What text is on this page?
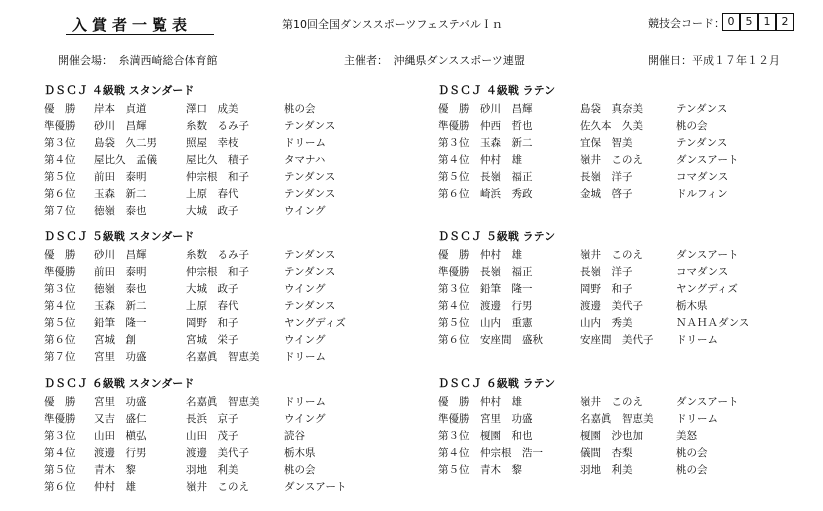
入賞者一覧表	第10回全国ダンススポーツフェステバルＩｎ	競技会コード： 0	5	1	2
開催会場：　糸満西崎総合体育館	主催者：　沖縄県ダンススポーツ連盟	開催日：平成１７年１２月
ＤＳＣＪ ４級戦 スタンダード
優　勝 岸本　貞道	澤口　成美	桃の会
準優勝 砂川　昌輝	糸数　るみ子	テンダンス
第３位 島袋　久二男	照屋　幸枝	ドリーム
第４位 屋比久　孟儀	屋比久　積子	タマナハ
第５位 前田　泰明	仲宗根　和子	テンダンス
第６位 玉森　新二	上原　春代	テンダンス
第７位 徳嶺　泰也	大城　政子	ウイング
ＤＳＣＪ ４級戦 ラテン
優　勝 砂川　昌輝	島袋　真奈美	テンダンス
準優勝 仲西　哲也	佐久本　久美	桃の会
第３位 玉森　新二	宜保　智美	テンダンス
第４位 仲村　雄	嶺井　このえ	ダンスアート
第５位 長嶺　福正	長嶺　洋子	コマダンス
第６位 崎浜　秀政	金城　啓子	ドルフィン
ＤＳＣＪ ５級戦 スタンダード
優　勝 砂川　昌輝	糸数　るみ子	テンダンス
準優勝 前田　泰明	仲宗根　和子	テンダンス
第３位 徳嶺　泰也	大城　政子	ウイング
第４位 玉森　新二	上原　春代	テンダンス
第５位 鉛筆　隆一	岡野　和子	ヤングディズ
第６位 宮城　創	宮城　栄子	ウイング
第７位 宮里　功盛	名嘉眞　智恵美 ドリーム
ＤＳＣＪ ５級戦 ラテン
優　勝 仲村　雄	嶺井　このえ	ダンスアート
準優勝 長嶺　福正	長嶺　洋子	コマダンス
第３位 鉛筆　隆一	岡野　和子	ヤングディズ
第４位 渡邊　行男	渡邊　美代子	栃木県
第５位 山内　重憲	山内　秀美	ＮＡＨＡダンス
第６位 安座間　盛秋	安座間　美代子 ドリーム
ＤＳＣＪ ６級戦 スタンダード
優　勝 宮里　功盛	名嘉眞　智恵美 ドリーム
準優勝 又吉　盛仁	長浜　京子	ウイング
第３位 山田　槇弘	山田　茂子	読谷
第４位 渡邊　行男	渡邊　美代子	栃木県
第５位 青木　黎	羽地　利美	桃の会
第６位 仲村　雄	嶺井　このえ	ダンスアート
ＤＳＣＪ ６級戦 ラテン
優　勝 仲村　雄	嶺井　このえ	ダンスアート
準優勝 宮里　功盛	名嘉眞　智恵美 ドリーム
第３位 榎園　和也	榎園　沙也加	美怒
第４位 仲宗根　浩一	儀間　杏梨	桃の会
第５位 青木　黎	羽地　利美	桃の会
